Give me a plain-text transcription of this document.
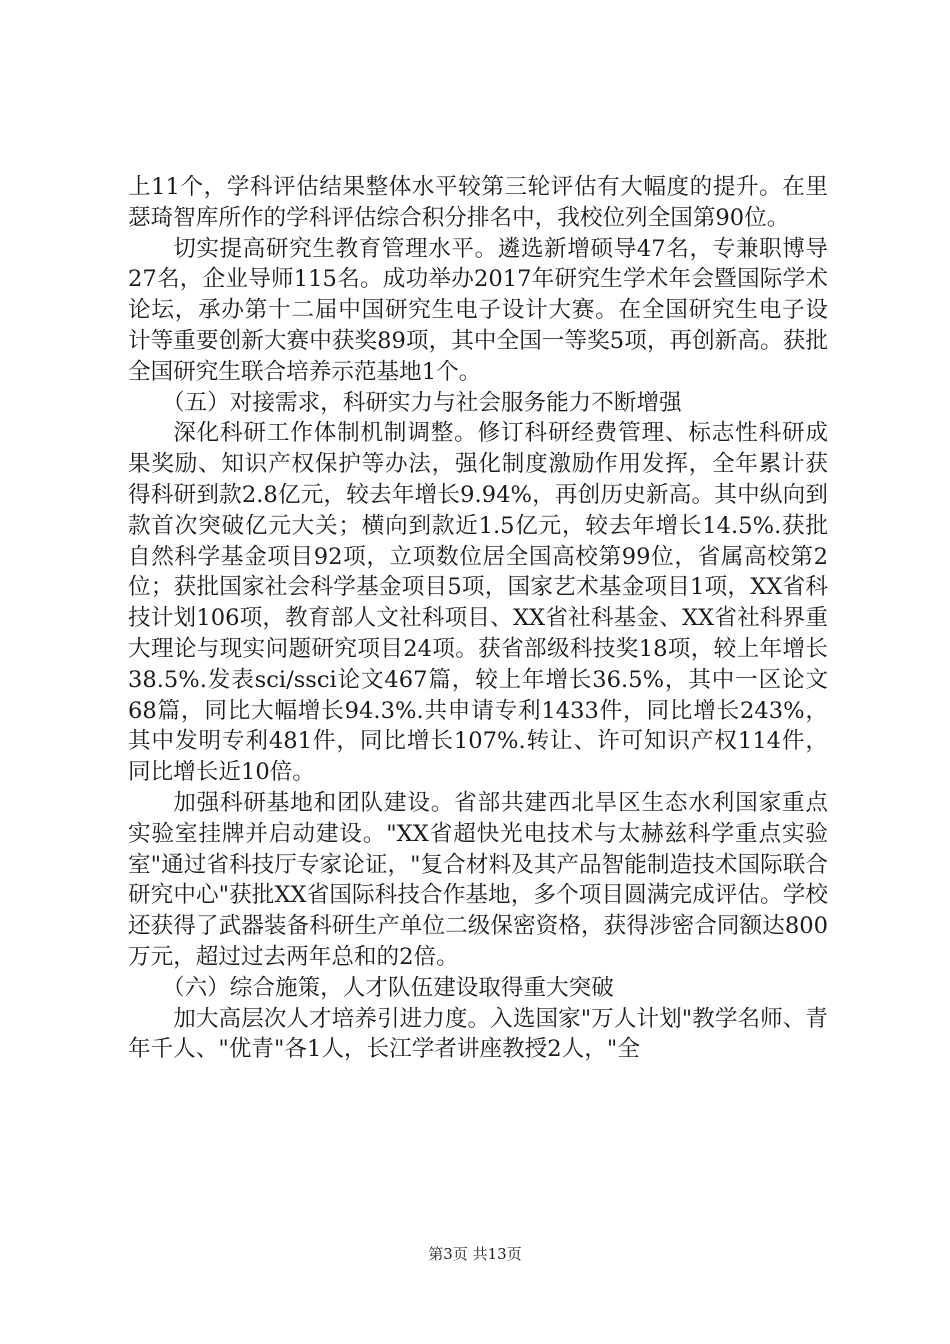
上11个，学科评估结果整体水平较第三轮评估有大幅度的提升。在里瑟琦智库所作的学科评估综合积分排名中，我校位列全国第90位。

切实提高研究生教育管理水平。遴选新增硕导47名，专兼职博导27名，企业导师115名。成功举办2017年研究生学术年会暨国际学术论坛，承办第十二届中国研究生电子设计大赛。在全国研究生电子设计等重要创新大赛中获奖89项，其中全国一等奖5项，再创新高。获批全国研究生联合培养示范基地1个。

（五）对接需求，科研实力与社会服务能力不断增强

深化科研工作体制机制调整。修订科研经费管理、标志性科研成果奖励、知识产权保护等办法，强化制度激励作用发挥，全年累计获得科研到款2.8亿元，较去年增长9.94%，再创历史新高。其中纵向到款首次突破亿元大关；横向到款近1.5亿元，较去年增长14.5%.获批自然科学基金项目92项，立项数位居全国高校第99位，省属高校第2位；获批国家社会科学基金项目5项，国家艺术基金项目1项，XX省科技计划106项，教育部人文社科项目、XX省社科基金、XX省社科界重大理论与现实问题研究项目24项。获省部级科技奖18项，较上年增长38.5%.发表sci/ssci论文467篇，较上年增长36.5%，其中一区论文68篇，同比大幅增长94.3%.共申请专利1433件，同比增长243%，其中发明专利481件，同比增长107%.转让、许可知识产权114件，同比增长近10倍。

加强科研基地和团队建设。省部共建西北旱区生态水利国家重点实验室挂牌并启动建设。"XX省超快光电技术与太赫兹科学重点实验室"通过省科技厅专家论证，"复合材料及其产品智能制造技术国际联合研究中心"获批XX省国际科技合作基地，多个项目圆满完成评估。学校还获得了武器装备科研生产单位二级保密资格，获得涉密合同额达800万元，超过过去两年总和的2倍。

（六）综合施策，人才队伍建设取得重大突破

加大高层次人才培养引进力度。入选国家"万人计划"教学名师、青年千人、"优青"各1人，长江学者讲座教授2人，"全

第3页 共13页
